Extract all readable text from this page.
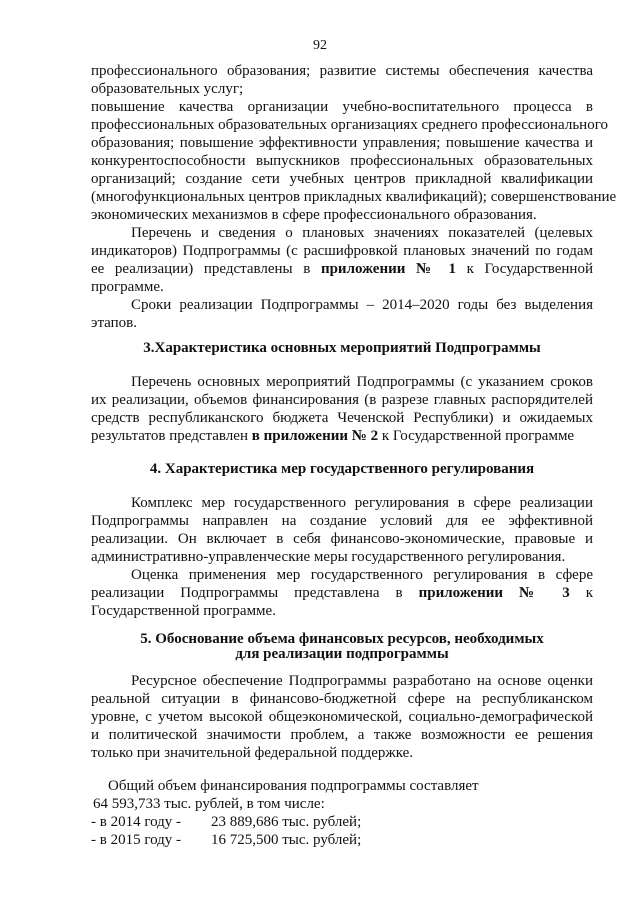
92
профессионального образования; развитие системы обеспечения качества
образовательных услуг;
повышение качества организации учебно-воспитательного процесса в
профессиональных образовательных организациях среднего профессионального
образования; повышение эффективности управления; повышение качества и
конкурентоспособности выпускников профессиональных образовательных
организаций; создание сети учебных центров прикладной квалификации
(многофункциональных центров прикладных квалификаций); совершенствование
экономических механизмов в сфере профессионального образования.
Перечень и сведения о плановых значениях показателей (целевых
индикаторов) Подпрограммы (с расшифровкой плановых значений по годам
ее реализации) представлены в приложении № 1 к Государственной
программе.
Сроки реализации Подпрограммы – 2014–2020 годы без выделения
этапов.
3.Характеристика основных мероприятий Подпрограммы
Перечень основных мероприятий Подпрограммы (с указанием сроков
их реализации, объемов финансирования (в разрезе главных распорядителей
средств республиканского бюджета Чеченской Республики) и ожидаемых
результатов представлен в приложении № 2 к Государственной программе
4. Характеристика мер государственного регулирования
Комплекс мер государственного регулирования в сфере реализации
Подпрограммы направлен на создание условий для ее эффективной
реализации. Он включает в себя финансово-экономические, правовые и
административно-управленческие меры государственного регулирования.
Оценка применения мер государственного регулирования в сфере
реализации Подпрограммы представлена в приложении № 3 к
Государственной программе.
5. Обоснование объема финансовых ресурсов, необходимых
для реализации подпрограммы
Ресурсное обеспечение Подпрограммы разработано на основе оценки
реальной ситуации в финансово-бюджетной сфере на республиканском
уровне, с учетом высокой общеэкономической, социально-демографической
и политической значимости проблем, а также возможности ее решения
только при значительной федеральной поддержке.
Общий объем финансирования подпрограммы составляет
64 593,733 тыс. рублей, в том числе:
- в 2014 году -	23 889,686 тыс. рублей;
- в 2015 году -	16 725,500 тыс. рублей;
